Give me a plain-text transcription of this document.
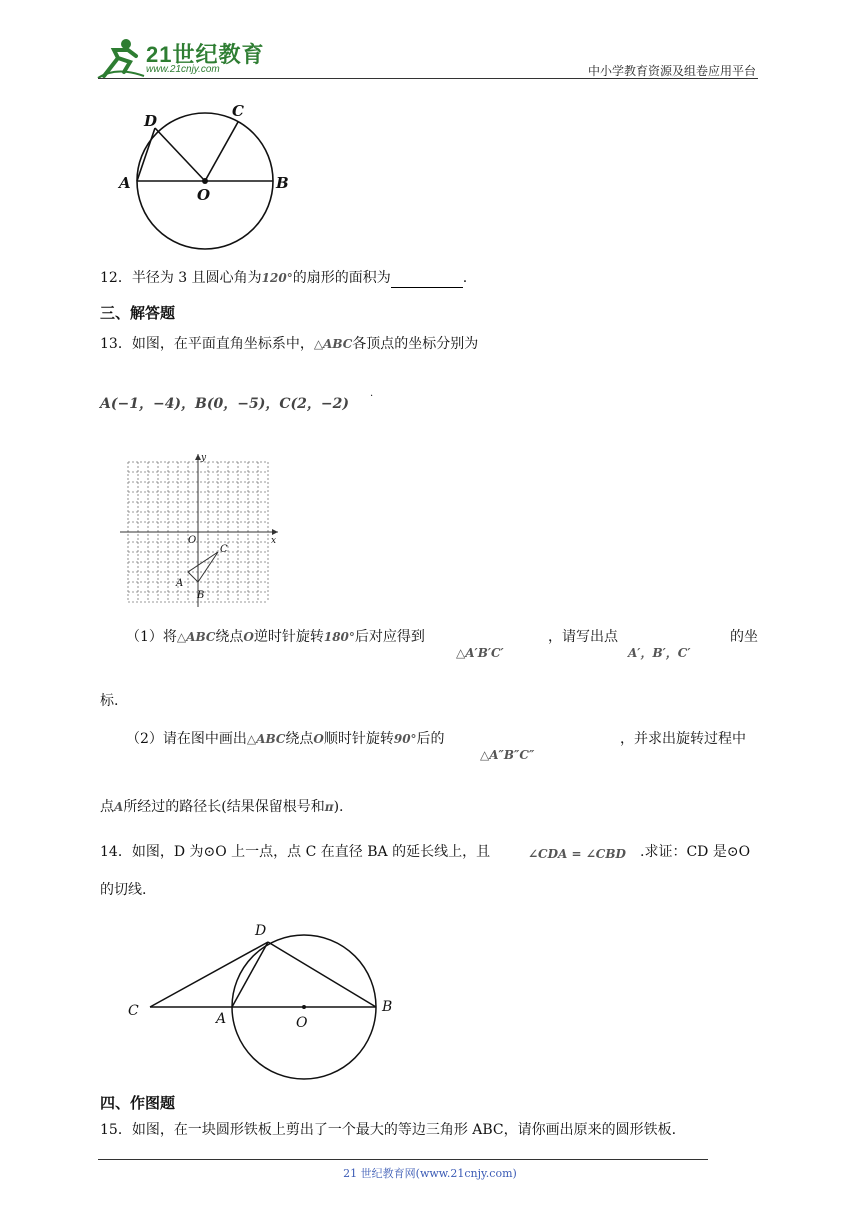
21世纪教育
www.21cnjy.com	中小学教育资源及组卷应用平台
D
C
A	B
O
12．半径为 3 且圆心角为120°的扇形的面积为	.
三、解答题
13．如图，在平面直角坐标系中，△ABC各顶点的坐标分别为
A(−1，−4)，B(0，−5)，C(2，−2)
.
y
x
O
A
B
C
（1）将△ABC绕点O逆时针旋转180°后对应得到
△A′B′C′
，请写出点
A′，B′，C′
的坐
标.
（2）请在图中画出△ABC绕点O顺时针旋转90°后的
△A″B″C″
，并求出旋转过程中
点A所经过的路径长(结果保留根号和π).
14．如图，D 为⊙O 上一点，点 C 在直径 BA 的延长线上，且	∠CDA = ∠CBD .求证：CD 是⊙O
的切线.
D
C	A	O
B
四、作图题
15．如图，在一块圆形铁板上剪出了一个最大的等边三角形 ABC，请你画出原来的圆形铁板.
21 世纪教育网(www.21cnjy.com)
